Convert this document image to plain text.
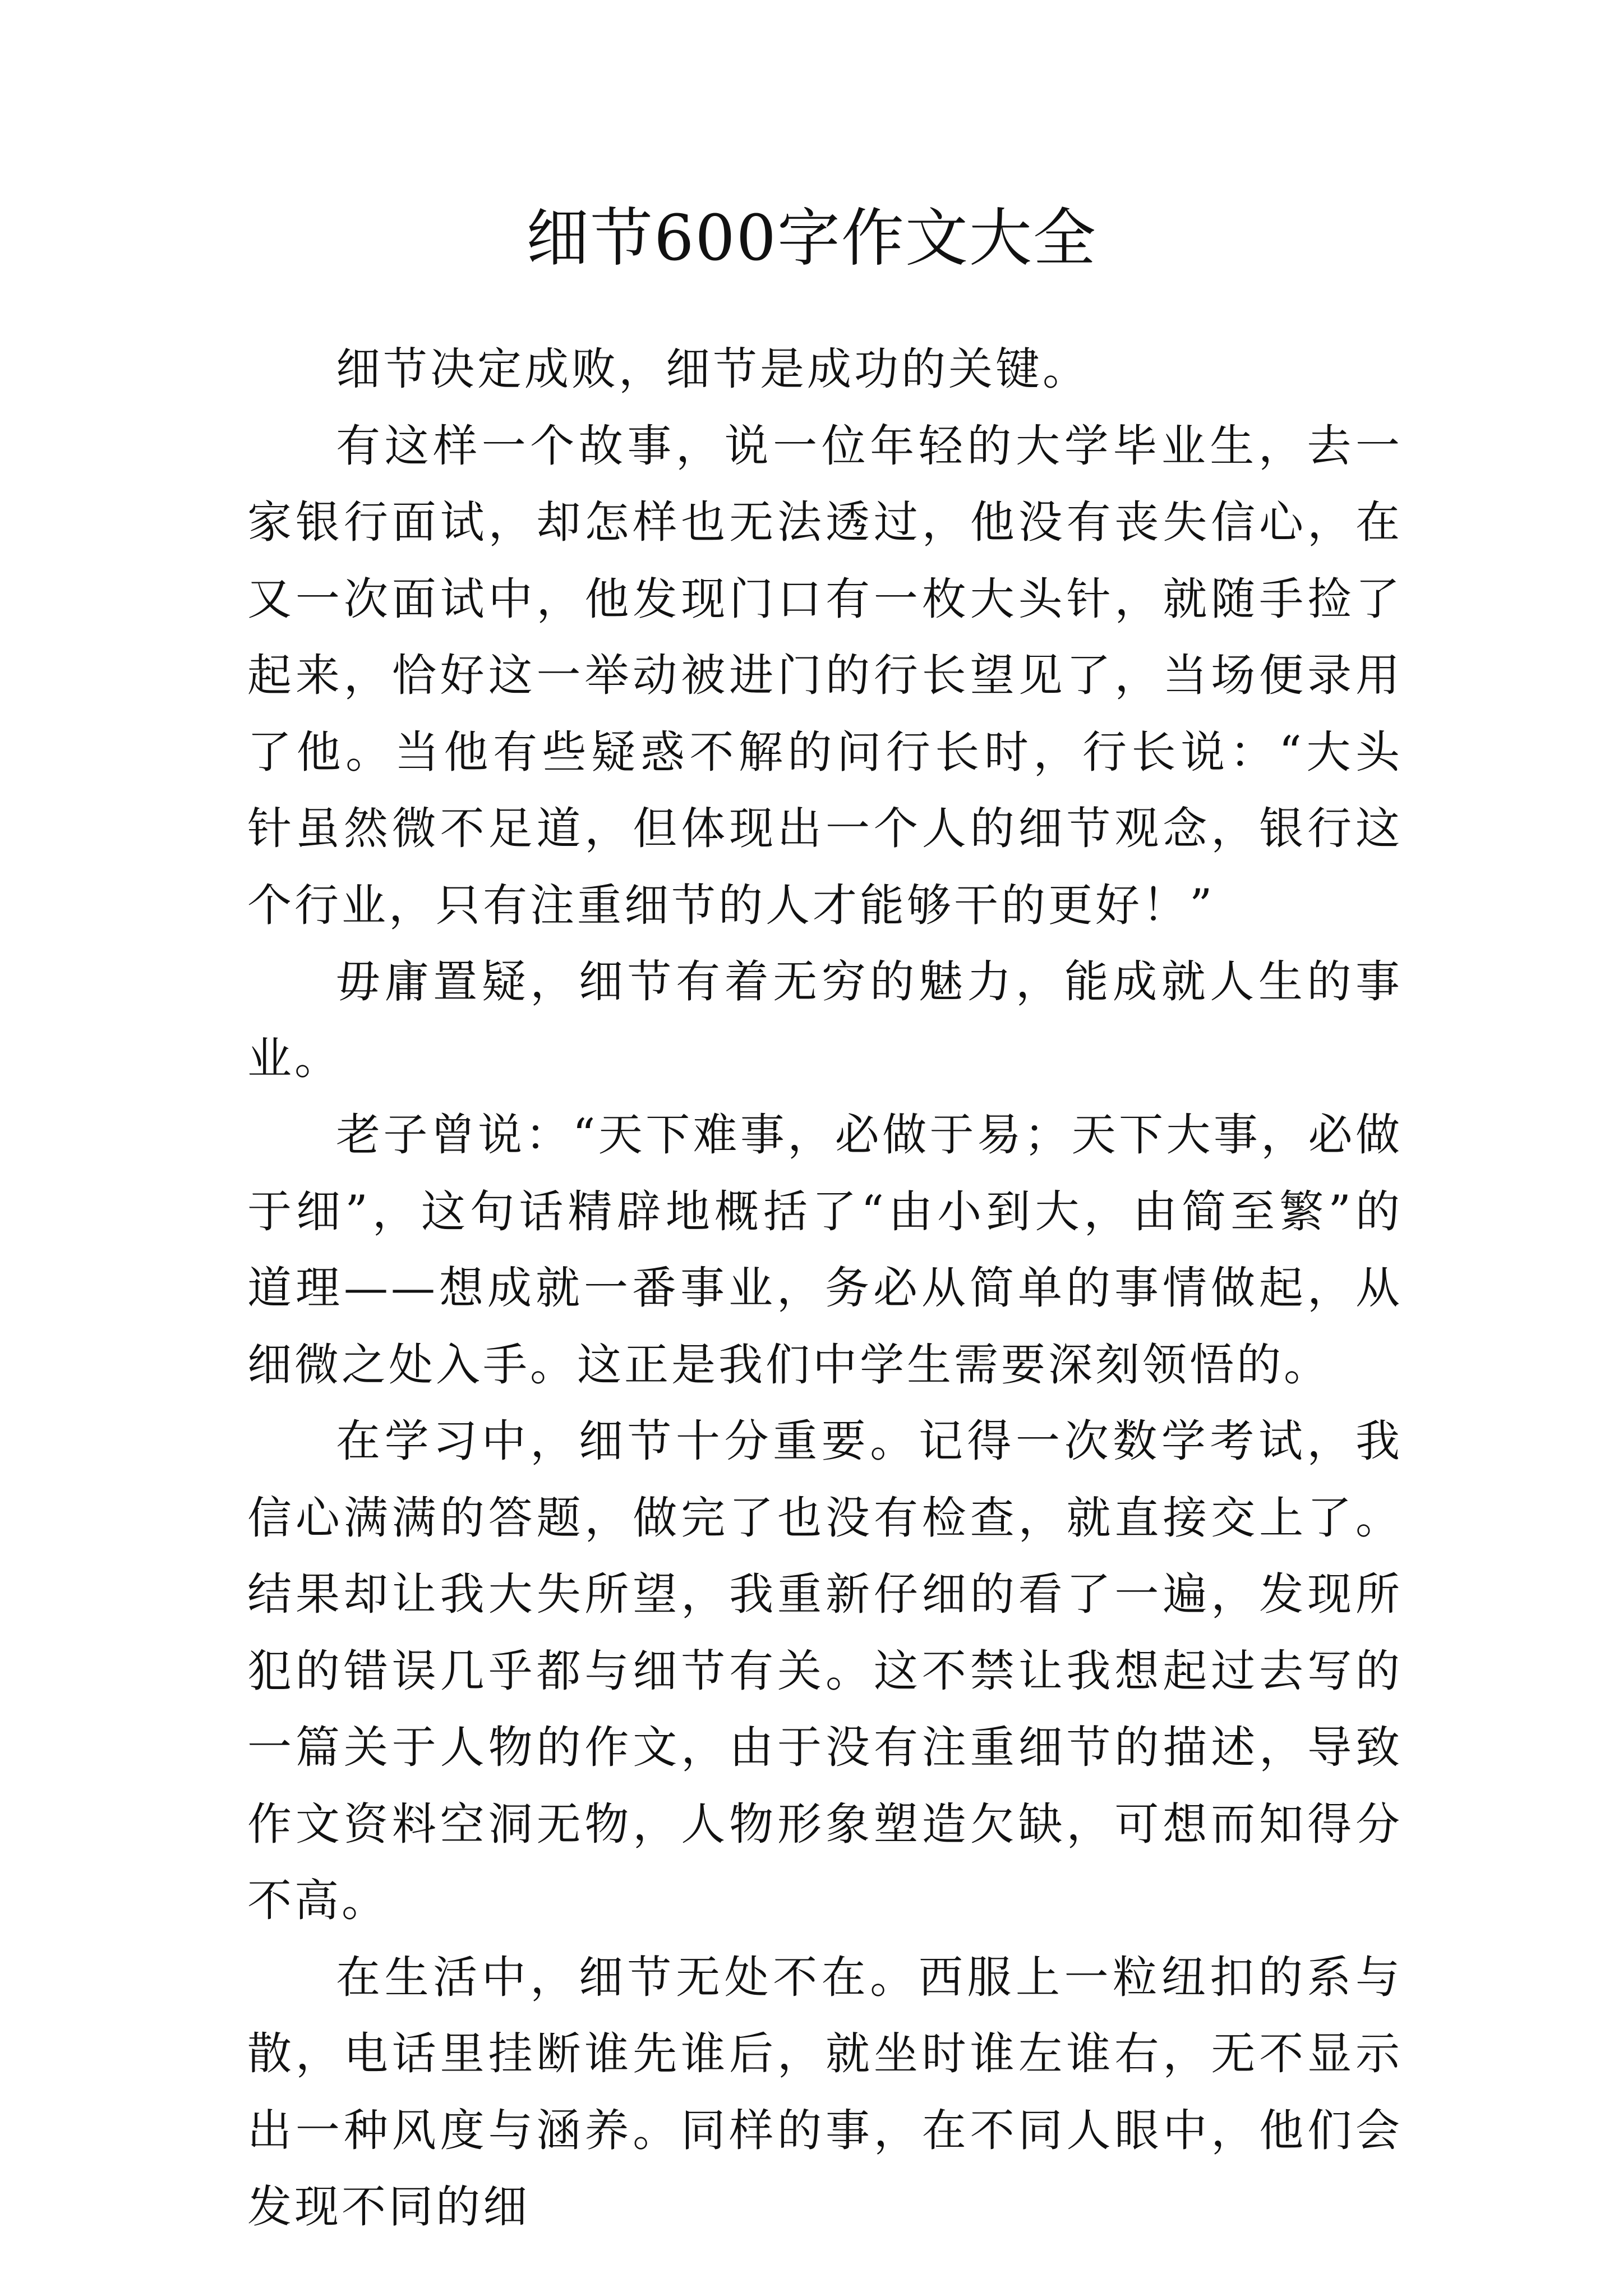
细节600字作文大全

细节决定成败，细节是成功的关键。

有这样一个故事，说一位年轻的大学毕业生，去一家银行面试，却怎样也无法透过，他没有丧失信心，在又一次面试中，他发现门口有一枚大头针，就随手捡了起来，恰好这一举动被进门的行长望见了，当场便录用了他。当他有些疑惑不解的问行长时，行长说：“大头针虽然微不足道，但体现出一个人的细节观念，银行这个行业，只有注重细节的人才能够干的更好！”

毋庸置疑，细节有着无穷的魅力，能成就人生的事业。

老子曾说：“天下难事，必做于易；天下大事，必做于细”，这句话精辟地概括了“由小到大，由简至繁”的道理——想成就一番事业，务必从简单的事情做起，从细微之处入手。这正是我们中学生需要深刻领悟的。

在学习中，细节十分重要。记得一次数学考试，我信心满满的答题，做完了也没有检查，就直接交上了。结果却让我大失所望，我重新仔细的看了一遍，发现所犯的错误几乎都与细节有关。这不禁让我想起过去写的一篇关于人物的作文，由于没有注重细节的描述，导致作文资料空洞无物，人物形象塑造欠缺，可想而知得分不高。

在生活中，细节无处不在。西服上一粒纽扣的系与散，电话里挂断谁先谁后，就坐时谁左谁右，无不显示出一种风度与涵养。同样的事，在不同人眼中，他们会发现不同的细
